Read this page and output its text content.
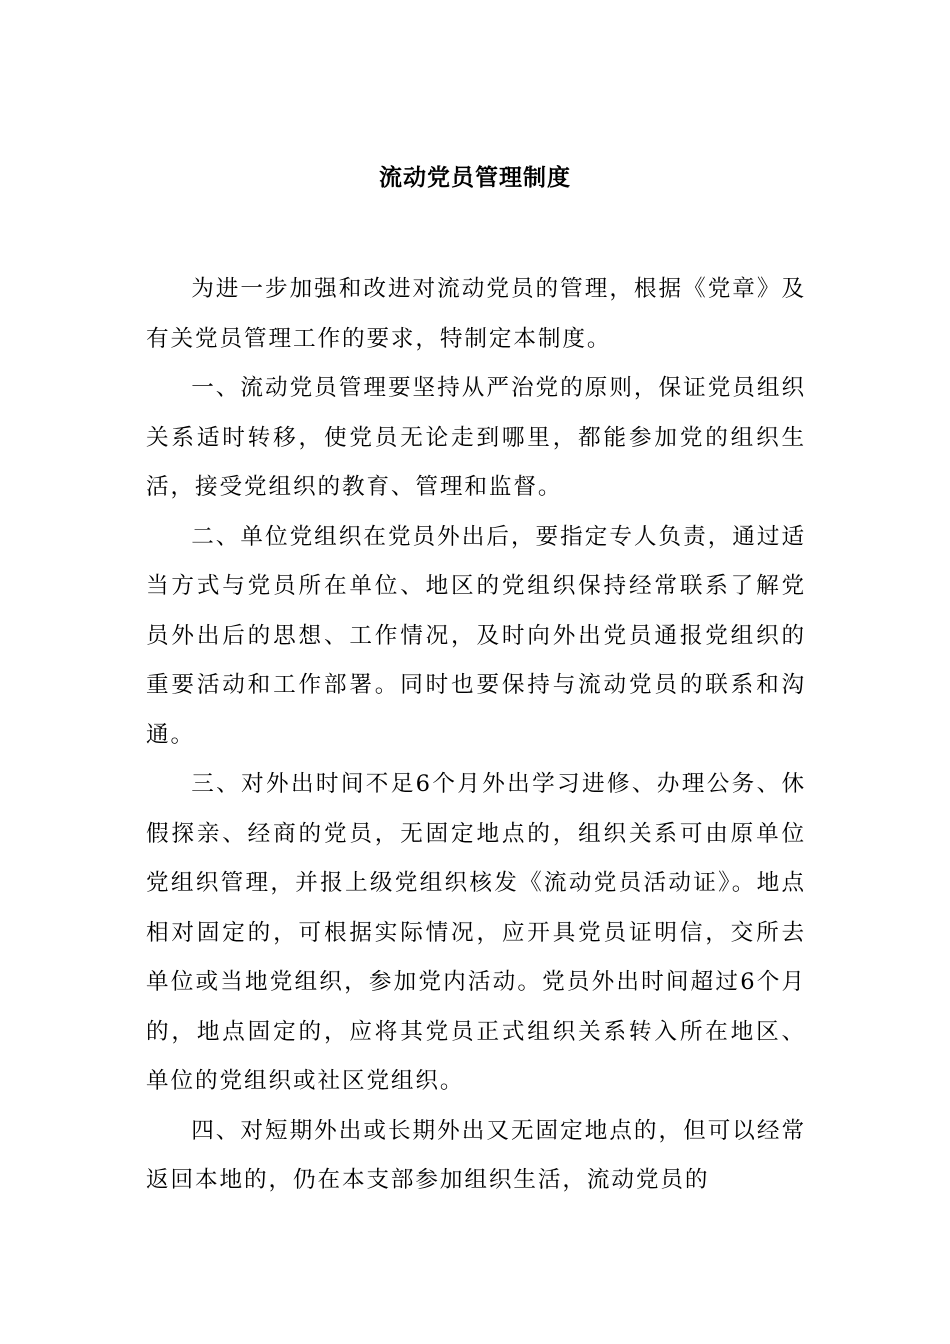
流动党员管理制度

为进一步加强和改进对流动党员的管理，根据《党章》及有关党员管理工作的要求，特制定本制度。

一、流动党员管理要坚持从严治党的原则，保证党员组织关系适时转移，使党员无论走到哪里，都能参加党的组织生活，接受党组织的教育、管理和监督。

二、单位党组织在党员外出后，要指定专人负责，通过适当方式与党员所在单位、地区的党组织保持经常联系了解党员外出后的思想、工作情况，及时向外出党员通报党组织的重要活动和工作部署。同时也要保持与流动党员的联系和沟通。

三、对外出时间不足6个月外出学习进修、办理公务、休假探亲、经商的党员，无固定地点的，组织关系可由原单位党组织管理，并报上级党组织核发《流动党员活动证》。地点相对固定的，可根据实际情况，应开具党员证明信，交所去单位或当地党组织，参加党内活动。党员外出时间超过6个月的，地点固定的，应将其党员正式组织关系转入所在地区、单位的党组织或社区党组织。

四、对短期外出或长期外出又无固定地点的，但可以经常返回本地的，仍在本支部参加组织生活，流动党员的
